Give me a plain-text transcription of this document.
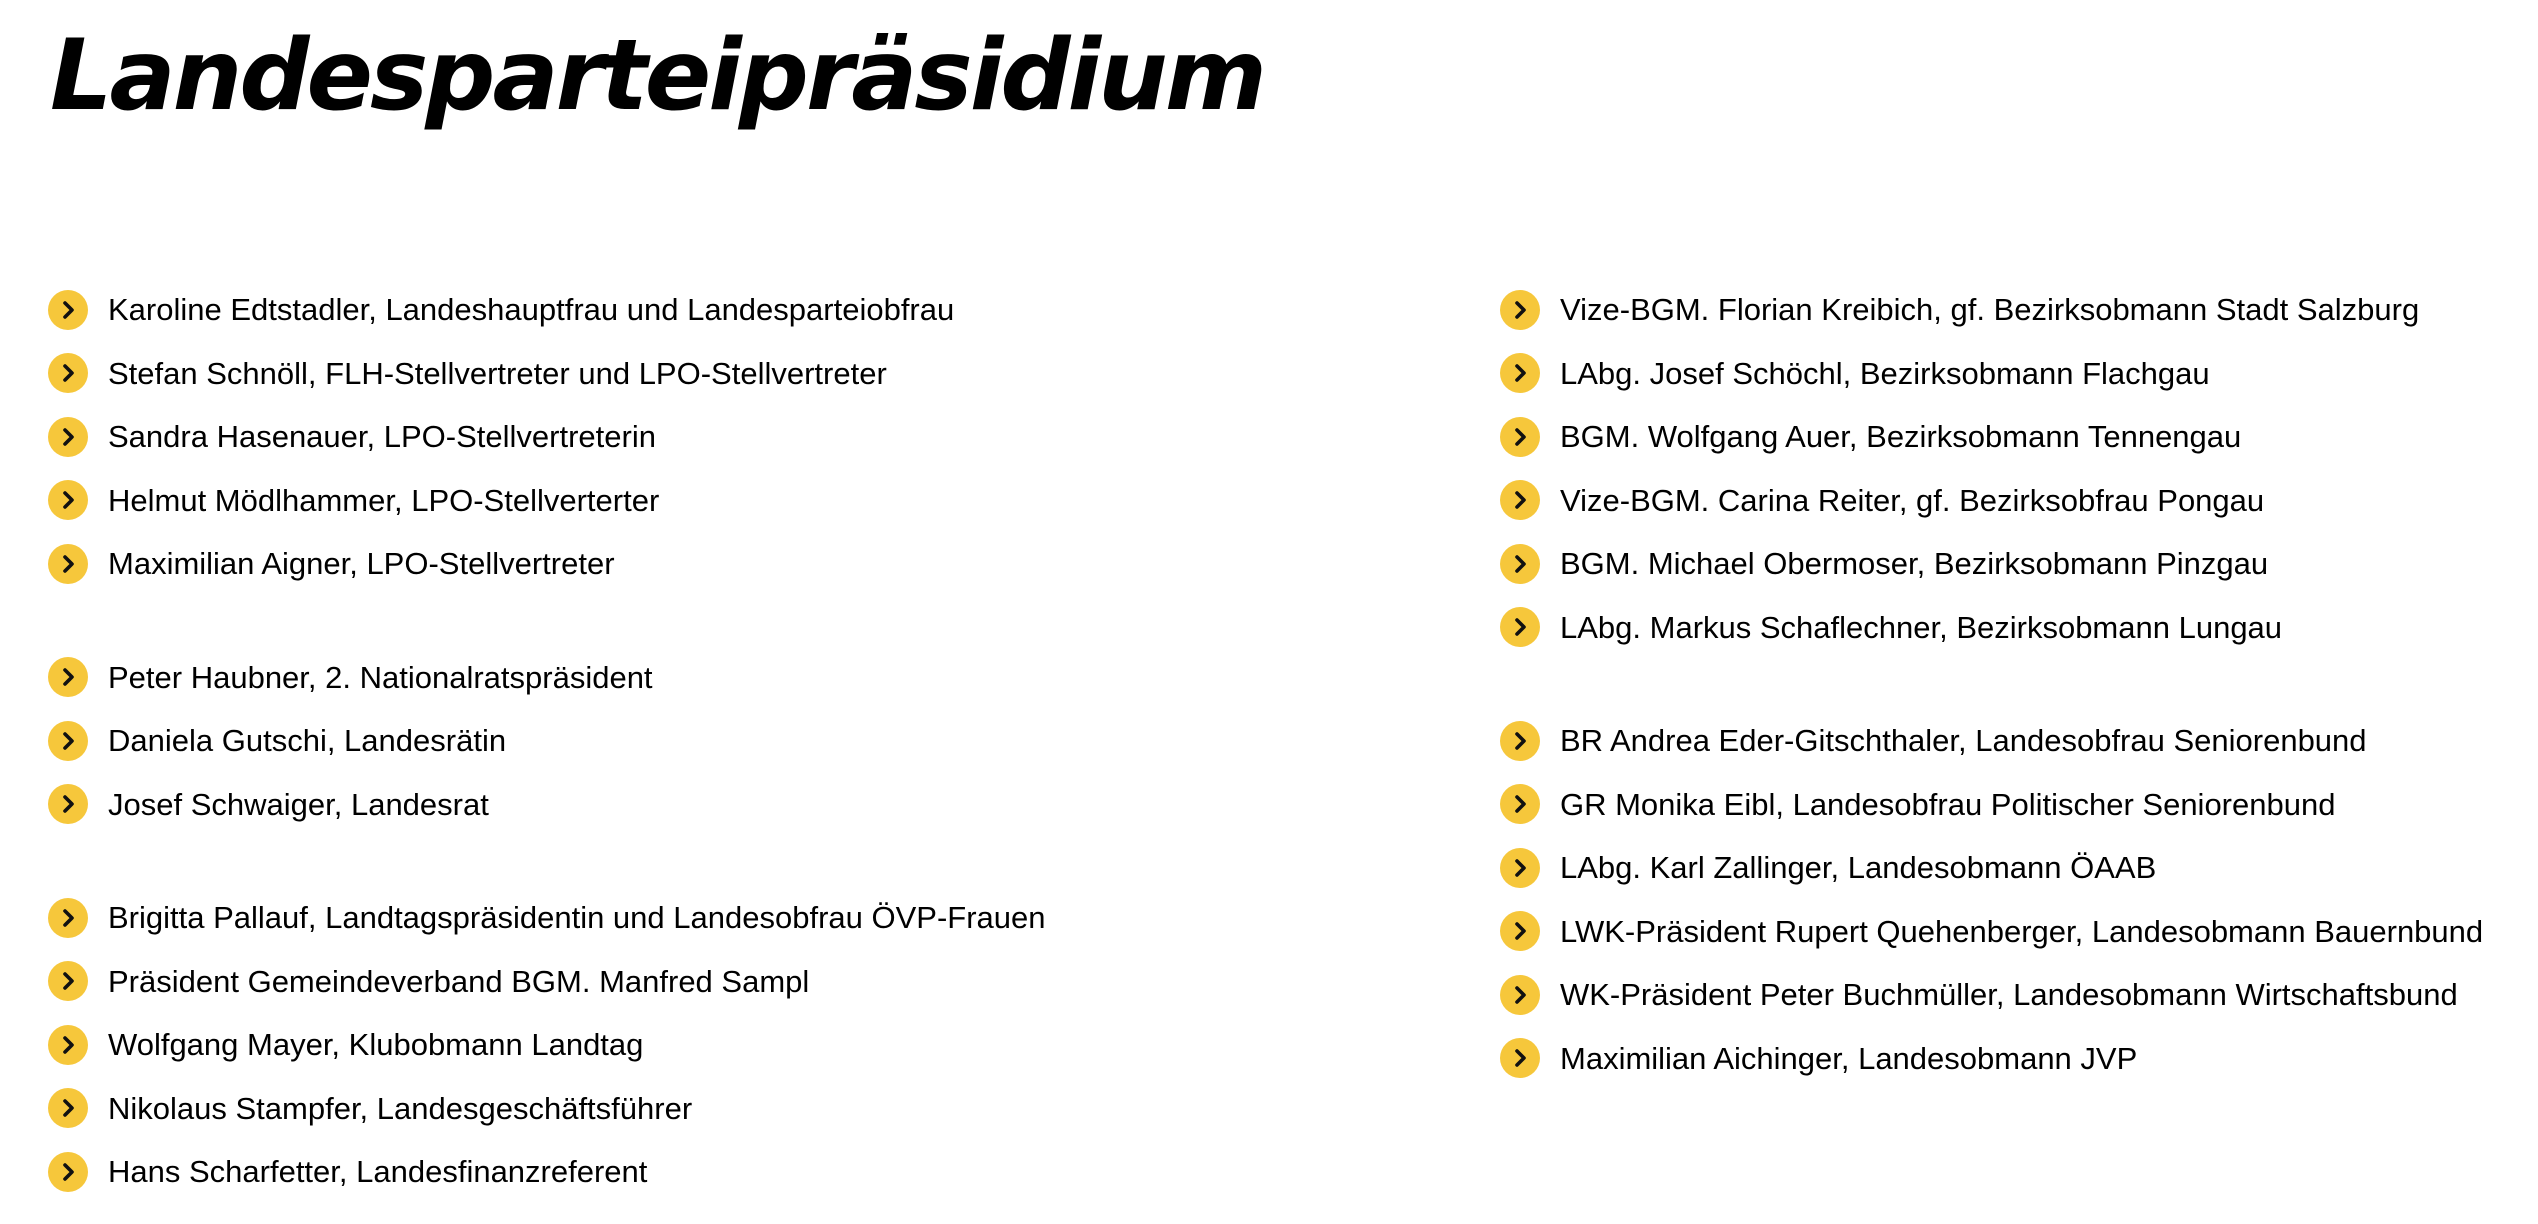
Landesparteipräsidium
Karoline Edtstadler, Landeshauptfrau und Landesparteiobfrau
Stefan Schnöll, FLH-Stellvertreter und LPO-Stellvertreter
Sandra Hasenauer, LPO-Stellvertreterin
Helmut Mödlhammer, LPO-Stellverterter
Maximilian Aigner, LPO-Stellvertreter
Peter Haubner, 2. Nationalratspräsident
Daniela Gutschi, Landesrätin
Josef Schwaiger, Landesrat
Brigitta Pallauf, Landtagspräsidentin und Landesobfrau ÖVP-Frauen
Präsident Gemeindeverband BGM. Manfred Sampl
Wolfgang Mayer, Klubobmann Landtag
Nikolaus Stampfer, Landesgeschäftsführer
Hans Scharfetter, Landesfinanzreferent
Vize-BGM. Florian Kreibich, gf. Bezirksobmann Stadt Salzburg
LAbg. Josef Schöchl, Bezirksobmann Flachgau
BGM. Wolfgang Auer, Bezirksobmann Tennengau
Vize-BGM. Carina Reiter, gf. Bezirksobfrau Pongau
BGM. Michael Obermoser, Bezirksobmann Pinzgau
LAbg. Markus Schaflechner, Bezirksobmann Lungau
BR Andrea Eder-Gitschthaler, Landesobfrau Seniorenbund
GR Monika Eibl, Landesobfrau Politischer Seniorenbund
LAbg. Karl Zallinger, Landesobmann ÖAAB
LWK-Präsident Rupert Quehenberger, Landesobmann Bauernbund
WK-Präsident Peter Buchmüller, Landesobmann Wirtschaftsbund
Maximilian Aichinger, Landesobmann JVP
